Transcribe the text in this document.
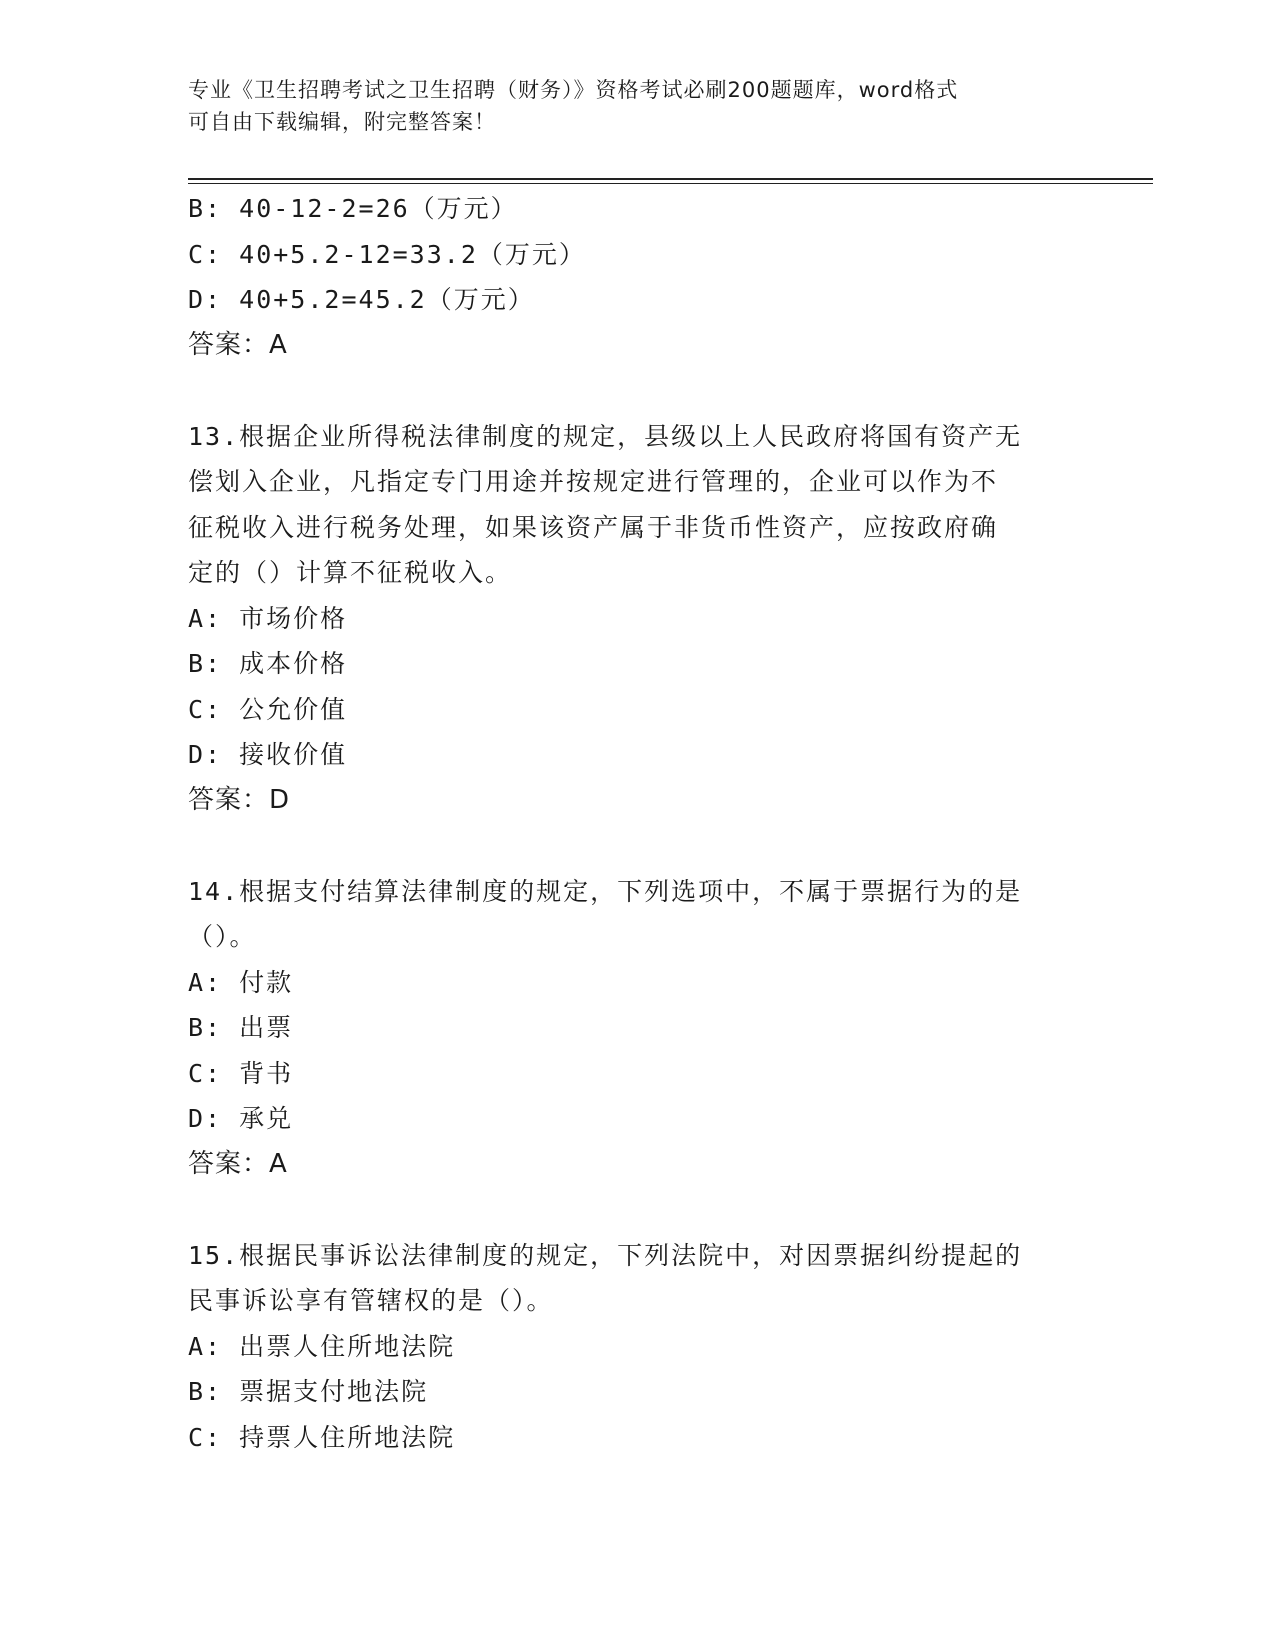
专业《卫生招聘考试之卫生招聘（财务）》资格考试必刷200题题库，word格式
可自由下载编辑，附完整答案！
B: 40-12-2=26（万元）
C: 40+5.2-12=33.2（万元）
D: 40+5.2=45.2（万元）
答案：A
13.根据企业所得税法律制度的规定，县级以上人民政府将国有资产无
偿划入企业，凡指定专门用途并按规定进行管理的，企业可以作为不
征税收入进行税务处理，如果该资产属于非货币性资产，应按政府确
定的（）计算不征税收入。
A: 市场价格
B: 成本价格
C: 公允价值
D: 接收价值
答案：D
14.根据支付结算法律制度的规定，下列选项中，不属于票据行为的是
（）。
A: 付款
B: 出票
C: 背书
D: 承兑
答案：A
15.根据民事诉讼法律制度的规定，下列法院中，对因票据纠纷提起的
民事诉讼享有管辖权的是（）。
A: 出票人住所地法院
B: 票据支付地法院
C: 持票人住所地法院
